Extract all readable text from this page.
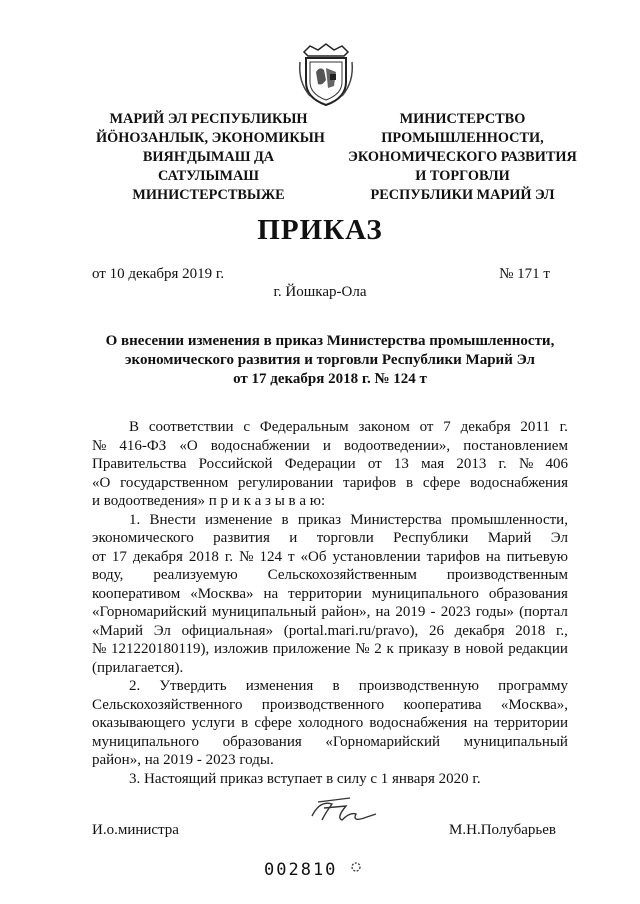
МАРИЙ ЭЛ РЕСПУБЛИКЫН
ЙӦНОЗАНЛЫК, ЭКОНОМИКЫН
ВИЯҤДЫМАШ ДА
САТУЛЫМАШ
МИНИСТЕРСТВЫЖЕ
МИНИСТЕРСТВО
ПРОМЫШЛЕННОСТИ,
ЭКОНОМИЧЕСКОГО РАЗВИТИЯ
И ТОРГОВЛИ
РЕСПУБЛИКИ МАРИЙ ЭЛ
ПРИКАЗ
от 10 декабря 2019 г.	№ 171 т
г. Йошкар-Ола
О внесении изменения в приказ Министерства промышленности,
экономического развития и торговли Республики Марий Эл
от 17 декабря 2018 г. № 124 т
В соответствии с Федеральным законом от 7 декабря 2011 г.
№ 416-ФЗ «О водоснабжении и водоотведении», постановлением
Правительства Российской Федерации от 13 мая 2013 г. № 406
«О государственном регулировании тарифов в сфере водоснабжения
и водоотведения» п р и к а з ы в а ю:
1. Внести изменение в приказ Министерства промышленности,
экономического развития и торговли Республики Марий Эл
от 17 декабря 2018 г. № 124 т «Об установлении тарифов на питьевую
воду, реализуемую Сельскохозяйственным производственным
кооперативом «Москва» на территории муниципального образования
«Горномарийский муниципальный район», на 2019 - 2023 годы» (портал
«Марий Эл официальная» (portal.mari.ru/pravo), 26 декабря 2018 г.,
№ 121220180119), изложив приложение № 2 к приказу в новой редакции
(прилагается).
2. Утвердить изменения в производственную программу
Сельскохозяйственного производственного кооператива «Москва»,
оказывающего услуги в сфере холодного водоснабжения на территории
муниципального образования «Горномарийский муниципальный
район», на 2019 - 2023 годы.
3. Настоящий приказ вступает в силу с 1 января 2020 г.
И.о.министра	М.Н.Полубарьев
002810
